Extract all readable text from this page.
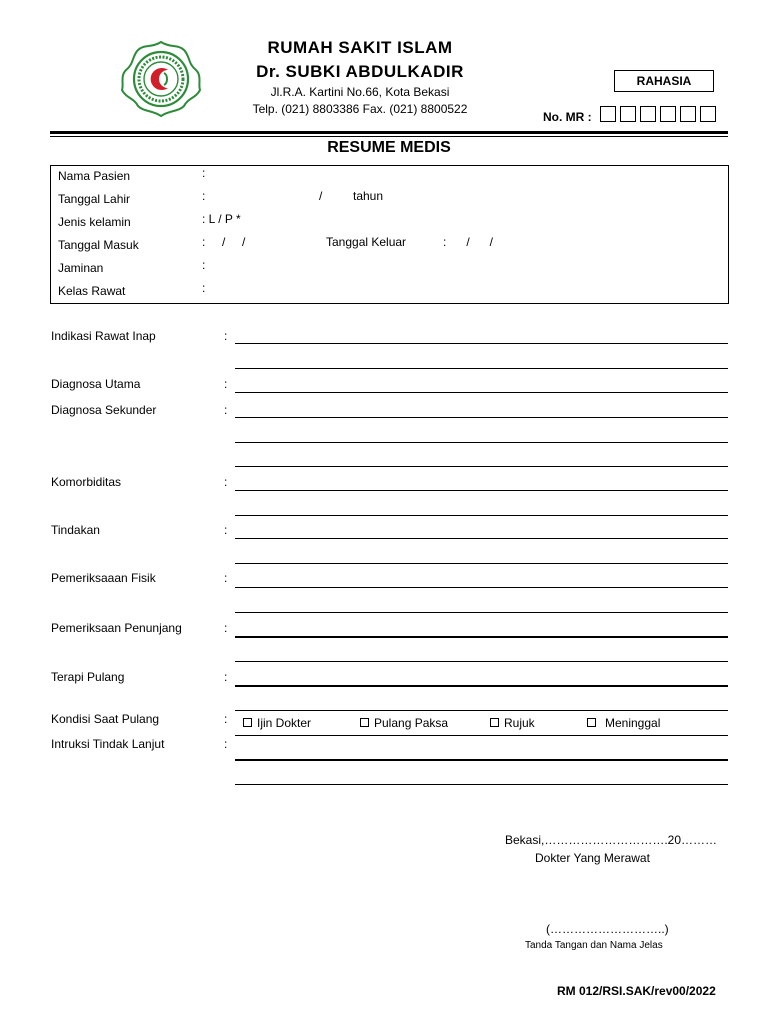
RUMAH SAKIT ISLAM
Dr. SUBKI ABDULKADIR
Jl.R.A. Kartini No.66, Kota Bekasi
Telp. (021) 8803386 Fax. (021) 8800522
RAHASIA
No. MR :
RESUME MEDIS
Nama Pasien	:
Tanggal Lahir	:	/	tahun
Jenis kelamin	: L / P *
Tanggal Masuk	:     /     /	Tanggal Keluar	:      /      /
Jaminan	:
Kelas Rawat	:
Indikasi Rawat Inap	:
Diagnosa Utama	:
Diagnosa Sekunder	:
Komorbiditas	:
Tindakan	:
Pemeriksaaan Fisik	:
Pemeriksaan Penunjang	:
Terapi Pulang	:
Kondisi Saat Pulang	:	Ijin Dokter	Pulang Paksa	Rujuk	Meninggal
Intruksi Tindak Lanjut	:
Bekasi,………………………….20………
Dokter Yang Merawat
(………………………..)
Tanda Tangan dan Nama Jelas
RM 012/RSI.SAK/rev00/2022
